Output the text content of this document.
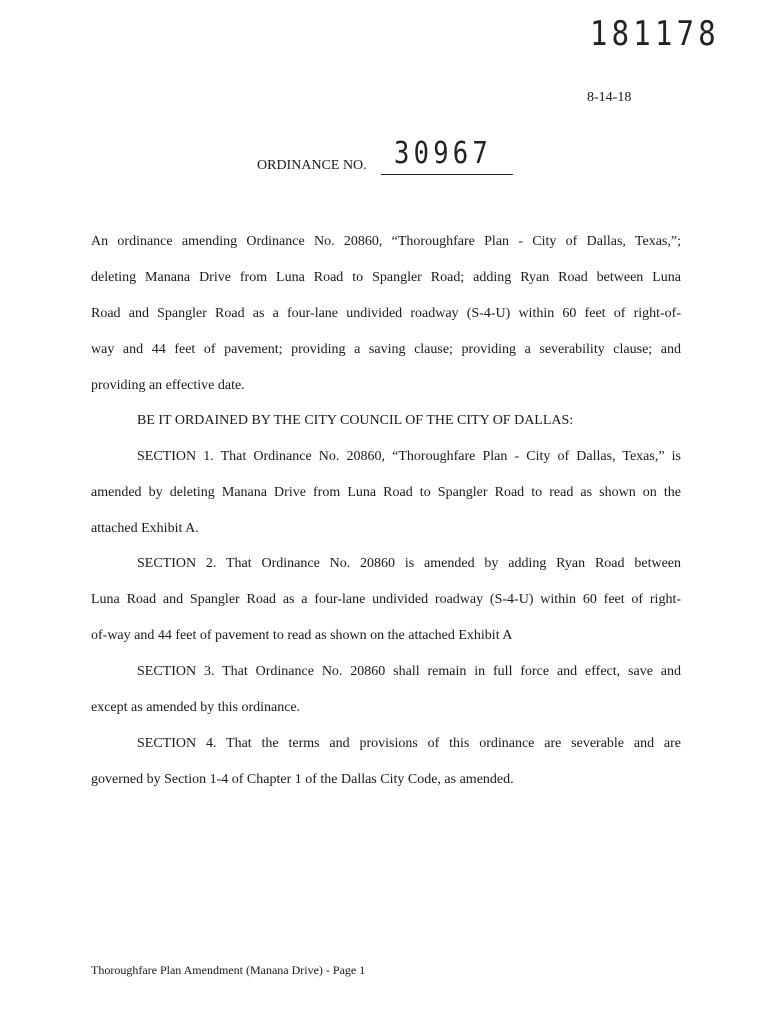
181178
8-14-18
ORDINANCE NO. 30967
An ordinance amending Ordinance No. 20860, “Thoroughfare Plan - City of Dallas, Texas,”;
deleting Manana Drive from Luna Road to Spangler Road; adding Ryan Road between Luna
Road and Spangler Road as a four-lane undivided roadway (S-4-U) within 60 feet of right-of-
way and 44 feet of pavement; providing a saving clause; providing a severability clause; and
providing an effective date.
BE IT ORDAINED BY THE CITY COUNCIL OF THE CITY OF DALLAS:
SECTION 1. That Ordinance No. 20860, “Thoroughfare Plan - City of Dallas, Texas,” is
amended by deleting Manana Drive from Luna Road to Spangler Road to read as shown on the
attached Exhibit A.
SECTION 2. That Ordinance No. 20860 is amended by adding Ryan Road between
Luna Road and Spangler Road as a four-lane undivided roadway (S-4-U) within 60 feet of right-
of-way and 44 feet of pavement to read as shown on the attached Exhibit A
SECTION 3. That Ordinance No. 20860 shall remain in full force and effect, save and
except as amended by this ordinance.
SECTION 4. That the terms and provisions of this ordinance are severable and are
governed by Section 1-4 of Chapter 1 of the Dallas City Code, as amended.
Thoroughfare Plan Amendment (Manana Drive) - Page 1
